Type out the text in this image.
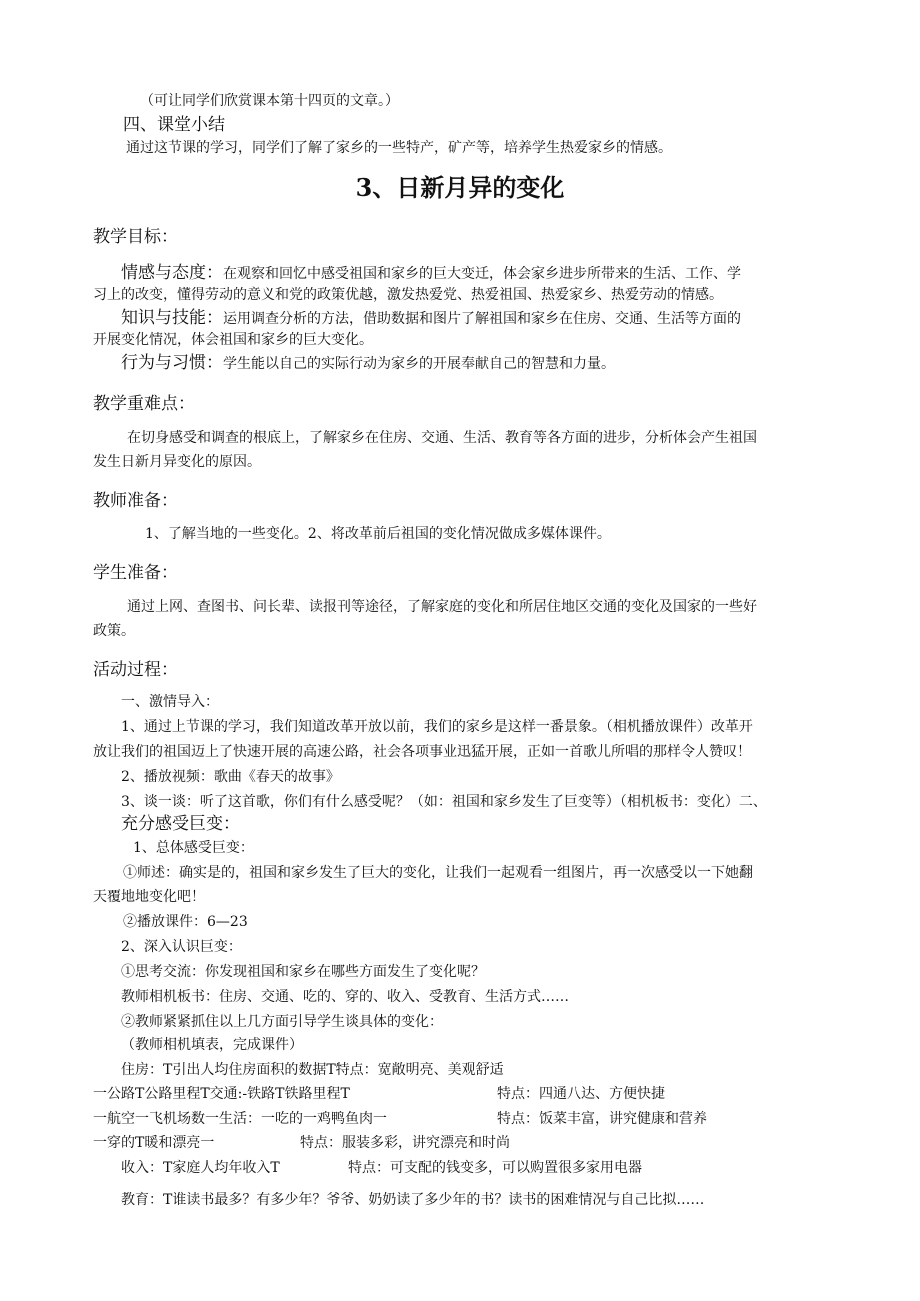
（可让同学们欣赏课本第十四页的文章。）
四、课堂小结
通过这节课的学习，同学们了解了家乡的一些特产，矿产等，培养学生热爱家乡的情感。
3、日新月异的变化
教学目标：
情感与态度：在观察和回忆中感受祖国和家乡的巨大变迁，体会家乡进步所带来的生活、工作、学
习上的改变，懂得劳动的意义和党的政策优越，激发热爱党、热爱祖国、热爱家乡、热爱劳动的情感。
知识与技能：运用调查分析的方法，借助数据和图片了解祖国和家乡在住房、交通、生活等方面的
开展变化情况，体会祖国和家乡的巨大变化。
行为与习惯：学生能以自己的实际行动为家乡的开展奉献自己的智慧和力量。
教学重难点：
在切身感受和调查的根底上，了解家乡在住房、交通、生活、教育等各方面的进步，分析体会产生祖国
发生日新月异变化的原因。
教师准备：
1、了解当地的一些变化。2、将改革前后祖国的变化情况做成多媒体课件。
学生准备：
通过上网、查图书、问长辈、读报刊等途径，了解家庭的变化和所居住地区交通的变化及国家的一些好
政策。
活动过程：
一、激情导入：
1、通过上节课的学习，我们知道改革开放以前，我们的家乡是这样一番景象。（相机播放课件）改革开
放让我们的祖国迈上了快速开展的高速公路，社会各项事业迅猛开展，正如一首歌儿所唱的那样令人赞叹！
2、播放视频：歌曲《春天的故事》
3、谈一谈：听了这首歌，你们有什么感受呢？（如：祖国和家乡发生了巨变等）（相机板书：变化）二、
充分感受巨变：
1、总体感受巨变：
①师述：确实是的，祖国和家乡发生了巨大的变化，让我们一起观看一组图片，再一次感受以一下她翻
天覆地地变化吧！
②播放课件：6—23
2、深入认识巨变：
①思考交流：你发现祖国和家乡在哪些方面发生了变化呢？
教师相机板书：住房、交通、吃的、穿的、收入、受教育、生活方式……
②教师紧紧抓住以上几方面引导学生谈具体的变化：
（教师相机填表，完成课件）
住房：T引出人均住房面积的数据T特点：宽敞明亮、美观舒适
一公路T公路里程T交通:-铁路T铁路里程T	特点：四通八达、方便快捷
一航空一飞机场数一生活：一吃的一鸡鸭鱼肉一	特点：饭菜丰富，讲究健康和营养
一穿的T暖和漂亮一	特点：服装多彩，讲究漂亮和时尚
收入：T家庭人均年收入T	特点：可支配的钱变多，可以购置很多家用电器
教育：T谁读书最多？有多少年？爷爷、奶奶读了多少年的书？读书的困难情况与自己比拟……
